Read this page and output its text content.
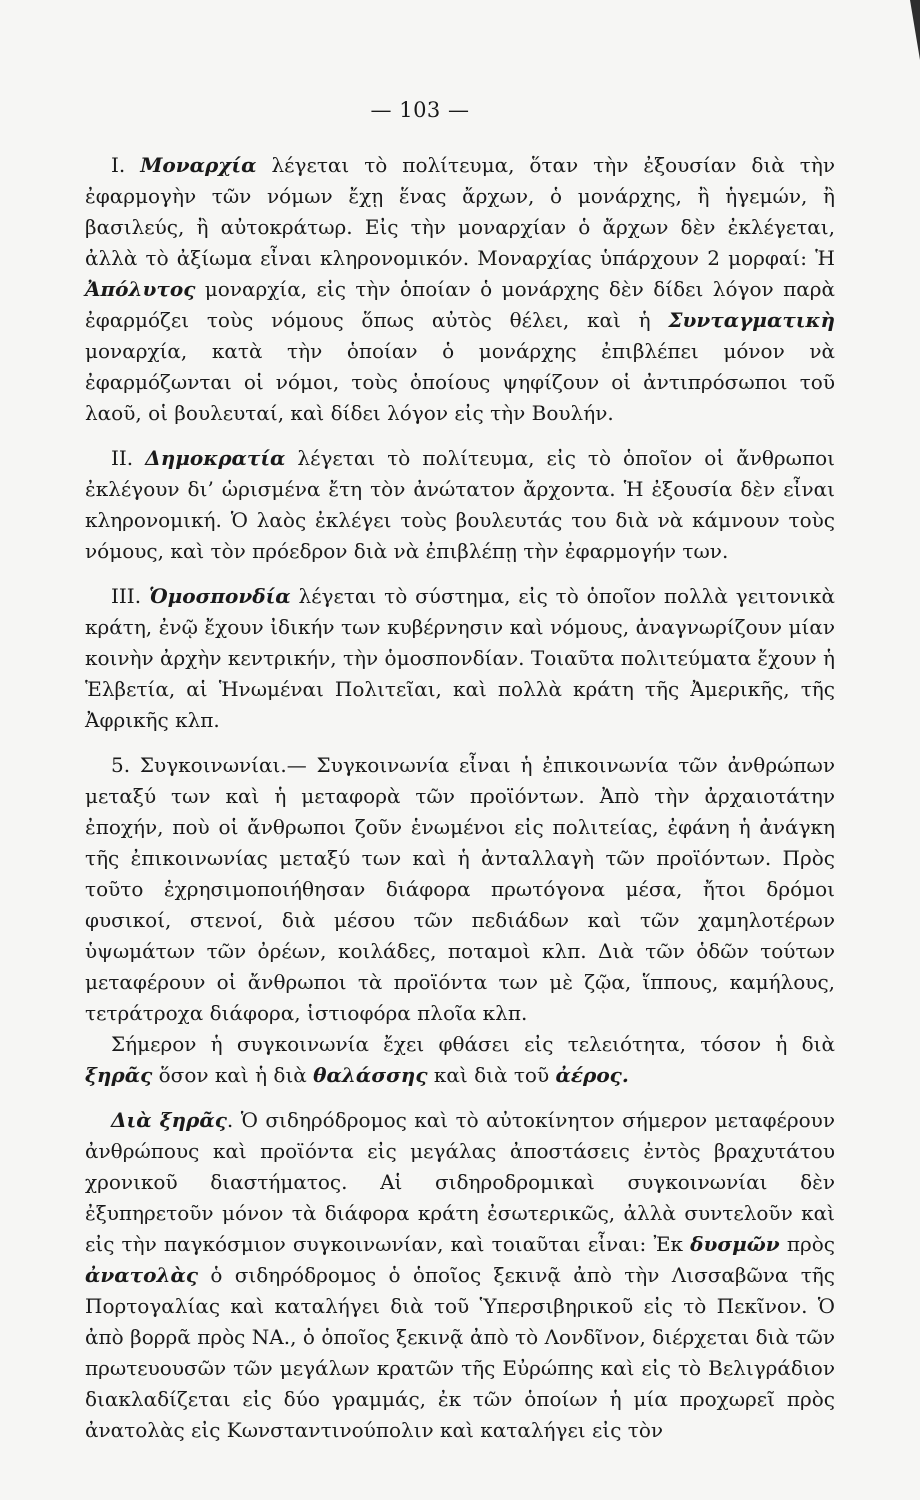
— 103 —

I. Μοναρχία λέγεται τὸ πολίτευμα, ὅταν τὴν ἐξουσίαν διὰ τὴν ἐφαρμογὴν τῶν νόμων ἔχῃ ἕνας ἄρχων, ὁ μονάρχης, ἢ ἡγεμών, ἢ βασιλεύς, ἢ αὐτοκράτωρ. Εἰς τὴν μοναρχίαν ὁ ἄρχων δὲν ἐκλέγεται, ἀλλὰ τὸ ἀξίωμα εἶναι κληρονομικόν. Μοναρχίας ὑπάρχουν 2 μορφαί: Ἡ Ἀπόλυτος μοναρχία, εἰς τὴν ὁποίαν ὁ μονάρχης δὲν δίδει λόγον παρὰ ἐφαρμόζει τοὺς νόμους ὅπως αὐτὸς θέλει, καὶ ἡ Συνταγματικὴ μοναρχία, κατὰ τὴν ὁποίαν ὁ μονάρχης ἐπιβλέπει μόνον νὰ ἐφαρμόζωνται οἱ νόμοι, τοὺς ὁποίους ψηφίζουν οἱ ἀντιπρόσωποι τοῦ λαοῦ, οἱ βουλευταί, καὶ δίδει λόγον εἰς τὴν Βουλήν.

II. Δημοκρατία λέγεται τὸ πολίτευμα, εἰς τὸ ὁποῖον οἱ ἄνθρωποι ἐκλέγουν δι’ ὡρισμένα ἔτη τὸν ἀνώτατον ἄρχοντα. Ἡ ἐξουσία δὲν εἶναι κληρονομική. Ὁ λαὸς ἐκλέγει τοὺς βουλευτάς του διὰ νὰ κάμνουν τοὺς νόμους, καὶ τὸν πρόεδρον διὰ νὰ ἐπιβλέπῃ τὴν ἐφαρμογήν των.

III. Ὁμοσπονδία λέγεται τὸ σύστημα, εἰς τὸ ὁποῖον πολλὰ γειτονικὰ κράτη, ἐνῷ ἔχουν ἰδικήν των κυβέρνησιν καὶ νόμους, ἀναγνωρίζουν μίαν κοινὴν ἀρχὴν κεντρικήν, τὴν ὁμοσπονδίαν. Τοιαῦτα πολιτεύματα ἔχουν ἡ Ἑλβετία, αἱ Ἡνωμέναι Πολιτεῖαι, καὶ πολλὰ κράτη τῆς Ἀμερικῆς, τῆς Ἀφρικῆς κλπ.

5. Συγκοινωνίαι.— Συγκοινωνία εἶναι ἡ ἐπικοινωνία τῶν ἀνθρώπων μεταξύ των καὶ ἡ μεταφορὰ τῶν προϊόντων. Ἀπὸ τὴν ἀρχαιοτάτην ἐποχήν, ποὺ οἱ ἄνθρωποι ζοῦν ἑνωμένοι εἰς πολιτείας, ἐφάνη ἡ ἀνάγκη τῆς ἐπικοινωνίας μεταξύ των καὶ ἡ ἀνταλλαγὴ τῶν προϊόντων. Πρὸς τοῦτο ἐχρησιμοποιήθησαν διάφορα πρωτόγονα μέσα, ἤτοι δρόμοι φυσικοί, στενοί, διὰ μέσου τῶν πεδιάδων καὶ τῶν χαμηλοτέρων ὑψωμάτων τῶν ὀρέων, κοιλάδες, ποταμοὶ κλπ. Διὰ τῶν ὁδῶν τούτων μεταφέρουν οἱ ἄνθρωποι τὰ προϊόντα των μὲ ζῷα, ἵππους, καμήλους, τετράτροχα διάφορα, ἱστιοφόρα πλοῖα κλπ.

Σήμερον ἡ συγκοινωνία ἔχει φθάσει εἰς τελειότητα, τόσον ἡ διὰ ξηρᾶς ὅσον καὶ ἡ διὰ θαλάσσης καὶ διὰ τοῦ ἀέρος.

Διὰ ξηρᾶς. Ὁ σιδηρόδρομος καὶ τὸ αὐτοκίνητον σήμερον μεταφέρουν ἀνθρώπους καὶ προϊόντα εἰς μεγάλας ἀποστάσεις ἐντὸς βραχυτάτου χρονικοῦ διαστήματος. Αἱ σιδηροδρομικαὶ συγκοινωνίαι δὲν ἐξυπηρετοῦν μόνον τὰ διάφορα κράτη ἐσωτερικῶς, ἀλλὰ συντελοῦν καὶ εἰς τὴν παγκόσμιον συγκοινωνίαν, καὶ τοιαῦται εἶναι: Ἐκ δυσμῶν πρὸς ἀνατολὰς ὁ σιδηρόδρομος ὁ ὁποῖος ξεκινᾷ ἀπὸ τὴν Λισσαβῶνα τῆς Πορτογαλίας καὶ καταλήγει διὰ τοῦ Ὑπερσιβηρικοῦ εἰς τὸ Πεκῖνον. Ὁ ἀπὸ βορρᾶ πρὸς ΝΑ., ὁ ὁποῖος ξεκινᾷ ἀπὸ τὸ Λονδῖνον, διέρχεται διὰ τῶν πρωτευουσῶν τῶν μεγάλων κρατῶν τῆς Εὐρώπης καὶ εἰς τὸ Βελιγράδιον διακλαδίζεται εἰς δύο γραμμάς, ἐκ τῶν ὁποίων ἡ μία προχωρεῖ πρὸς ἀνατολὰς εἰς Κωνσταντινούπολιν καὶ καταλήγει εἰς τὸν
